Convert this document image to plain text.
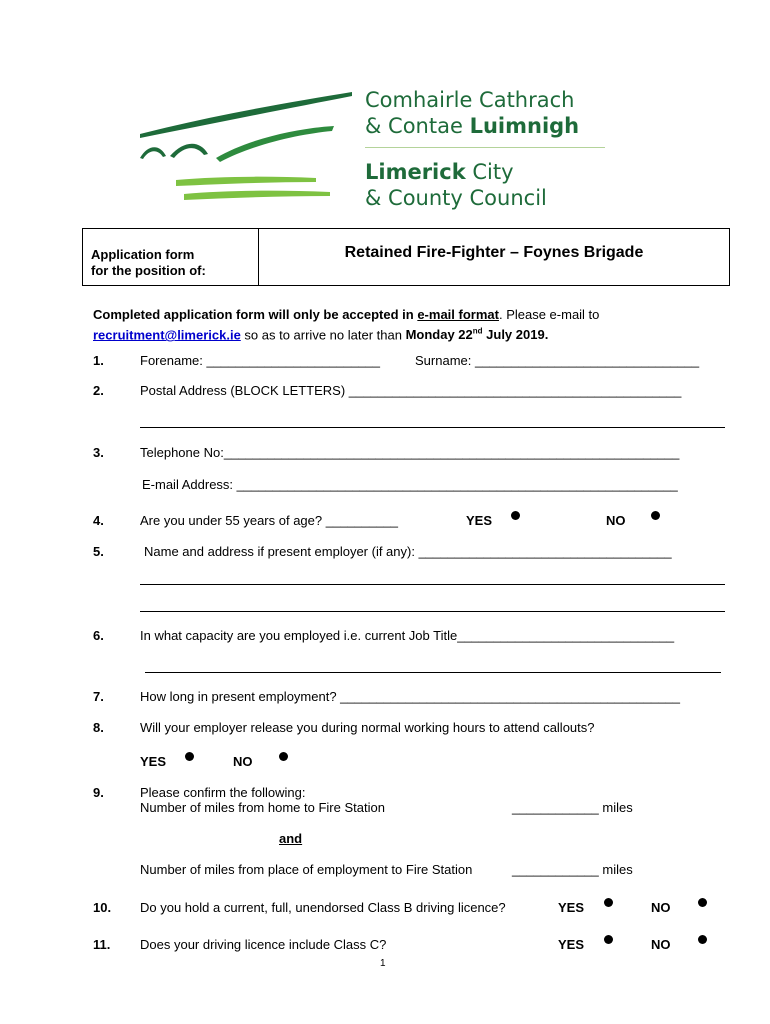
Comhairle Cathrach
& Contae Luimnigh
Limerick City
& County Council
Application form
for the position of:
Retained Fire-Fighter – Foynes Brigade
Completed application form will only be accepted in e-mail format. Please e-mail to
recruitment@limerick.ie so as to arrive no later than Monday 22nd July 2019.
1.	Forename: ________________________	Surname: _______________________________
2.	Postal Address (BLOCK LETTERS) ______________________________________________
3.	Telephone No:_______________________________________________________________
E-mail Address: _____________________________________________________________
4.	Are you under 55 years of age? __________	YES	NO
5.	Name and address if present employer (if any): ___________________________________
6.	In what capacity are you employed i.e. current Job Title______________________________
7.	How long in present employment? _______________________________________________
8.	Will your employer release you during normal working hours to attend callouts?
YES	NO
9.	Please confirm the following:
Number of miles from home to Fire Station	____________ miles
and
Number of miles from place of employment to Fire Station	____________ miles
10. Do you hold a current, full, unendorsed Class B driving licence?	YES	NO
11. Does your driving licence include Class C?	YES	NO
1
